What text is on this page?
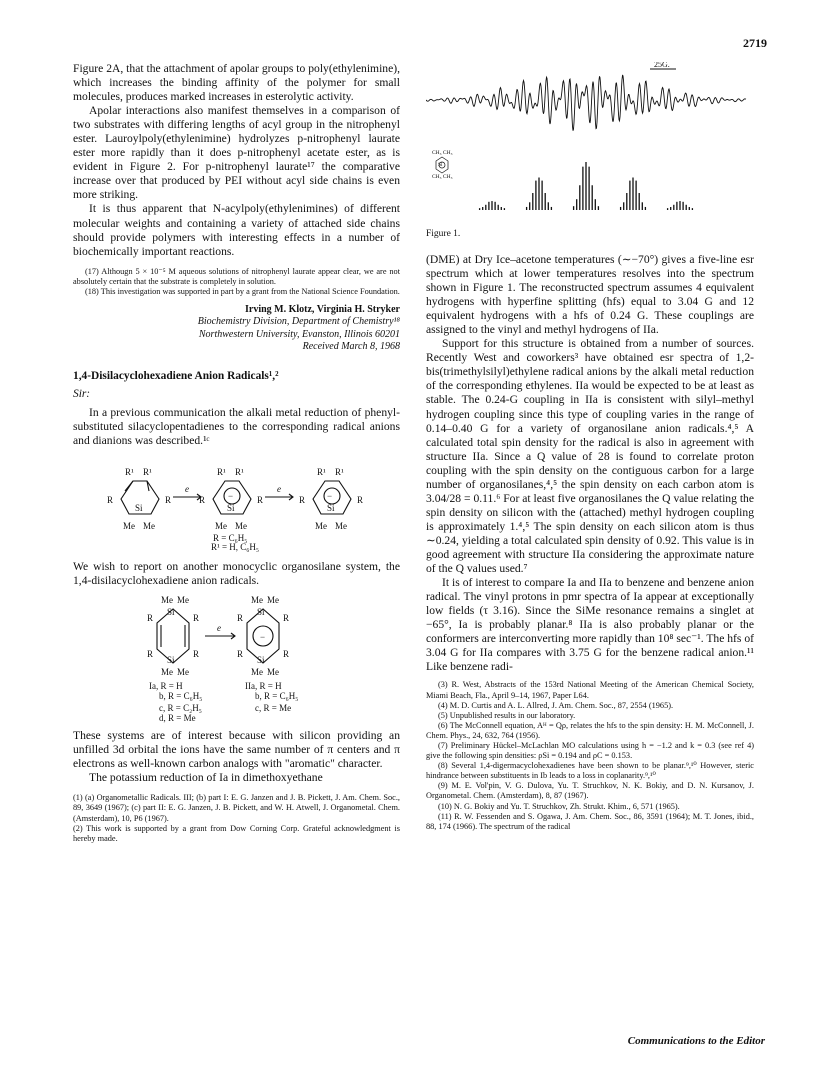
2719

Figure 2A, that the attachment of apolar groups to poly(ethylenimine), which increases the binding affinity of the polymer for small molecules, produces marked increases in esterolytic activity.

Apolar interactions also manifest themselves in a comparison of two substrates with differing lengths of acyl group in the nitrophenyl ester. Lauroylpoly(ethylenimine) hydrolyzes p-nitrophenyl laurate ester more rapidly than it does p-nitrophenyl acetate ester, as is evident in Figure 2. For p-nitrophenyl laurate¹⁷ the comparative increase over that produced by PEI without acyl side chains is even more striking.

It is thus apparent that N-acylpoly(ethylenimines) of different molecular weights and containing a variety of attached side chains should provide polymers with interesting effects in a number of biochemically important reactions.

(17) Althougn 5 × 10⁻⁵ M aqueous solutions of nitrophenyl laurate appear clear, we are not absolutely certain that the substrate is completely in solution.

(18) This investigation was supported in part by a grant from the National Science Foundation.

Irving M. Klotz, Virginia H. Stryker
Biochemistry Division, Department of Chemistry¹⁸
Northwestern University, Evanston, Illinois 60201
Received March 8, 1968
1,4-Disilacyclohexadiene Anion Radicals¹,²
Sir:

In a previous communication the alkali metal reduction of phenyl-substituted silacyclopentadienes to the corresponding radical anions and dianions was described.¹ᶜ

R¹ R¹
R	R
Si
Me Me
e
R¹ R¹
R	R
−
Si
Me Me
e
R¹ R¹
R	R
−
Si
Me Me
R = C₆H₅
R¹ = H, C₆H₅

We wish to report on another monocyclic organosilane system, the 1,4-disilacyclohexadiene anion radicals.

Me Me
Si
Si
Me Me
R	R
R	R
e
Me Me
Si
Si
−
Me Me
R	R
R	R
Ia, R = H
b, R = C₆H₅
IIa, R = H
b, R = C₆H₅
c, R = C₂H₅
d, R = Me
c, R = Me

These systems are of interest because with silicon providing an unfilled 3d orbital the ions have the same number of π centers and π electrons as well-known carbon analogs with "aromatic" character.

The potassium reduction of Ia in dimethoxyethane

(1) (a) Organometallic Radicals. III; (b) part I: E. G. Janzen and J. B. Pickett, J. Am. Chem. Soc., 89, 3649 (1967); (c) part II: E. G. Janzen, J. B. Pickett, and W. H. Atwell, J. Organometal. Chem. (Amsterdam), 10, P6 (1967).

(2) This work is supported by a grant from Dow Corning Corp. Grateful acknowledgment is hereby made.

25G.
CH₃ CH₃
Si
CH₃ CH₃
Figure 1.

(DME) at Dry Ice–acetone temperatures (∼−70°) gives a five-line esr spectrum which at lower temperatures resolves into the spectrum shown in Figure 1. The reconstructed spectrum assumes 4 equivalent hydrogens with hyperfine splitting (hfs) equal to 3.04 G and 12 equivalent hydrogens with a hfs of 0.24 G. These couplings are assigned to the vinyl and methyl hydrogens of IIa.

Support for this structure is obtained from a number of sources. Recently West and coworkers³ have obtained esr spectra of 1,2-bis(trimethylsilyl)ethylene radical anions by the alkali metal reduction of the corresponding ethylenes. IIa would be expected to be at least as stable. The 0.24-G coupling in IIa is consistent with silyl–methyl hydrogen coupling since this type of coupling varies in the range of 0.14–0.40 G for a variety of organosilane anion radicals.⁴,⁵ A calculated total spin density for the radical is also in agreement with structure IIa. Since a Q value of 28 is found to correlate proton coupling with the spin density on the contiguous carbon for a large number of organosilanes,⁴,⁵ the spin density on each carbon atom is 3.04/28 = 0.11.⁶ For at least five organosilanes the Q value relating the spin density on silicon with the (attached) methyl hydrogen coupling is approximately 1.⁴,⁵ The spin density on each silicon atom is thus ∼0.24, yielding a total calculated spin density of 0.92. This value is in good agreement with structure IIa considering the approximate nature of the Q values used.⁷

It is of interest to compare Ia and IIa to benzene and benzene anion radical. The vinyl protons in pmr spectra of Ia appear at exceptionally low fields (τ 3.16). Since the SiMe resonance remains a singlet at −65°, Ia is probably planar.⁸ IIa is also probably planar or the conformers are interconverting more rapidly than 10⁸ sec⁻¹. The hfs of 3.04 G for IIa compares with 3.75 G for the benzene radical anion.¹¹ Like benzene radi-

(3) R. West, Abstracts of the 153rd National Meeting of the American Chemical Society, Miami Beach, Fla., April 9–14, 1967, Paper L64.

(4) M. D. Curtis and A. L. Allred, J. Am. Chem. Soc., 87, 2554 (1965).

(5) Unpublished results in our laboratory.

(6) The McConnell equation, Aᴴ = Qρ, relates the hfs to the spin density: H. M. McConnell, J. Chem. Phys., 24, 632, 764 (1956).

(7) Preliminary Hückel–McLachlan MO calculations using h = −1.2 and k = 0.3 (see ref 4) give the following spin densities: ρSi = 0.194 and ρC = 0.153.

(8) Several 1,4-digermacyclohexadienes have been shown to be planar.⁹,¹⁰ However, steric hindrance between substituents in Ib leads to a loss in coplanarity.⁹,¹⁰

(9) M. E. Vol'pin, V. G. Dulova, Yu. T. Struchkov, N. K. Bokiy, and D. N. Kursanov, J. Organometal. Chem. (Amsterdam), 8, 87 (1967).

(10) N. G. Bokiy and Yu. T. Struchkov, Zh. Strukt. Khim., 6, 571 (1965).

(11) R. W. Fessenden and S. Ogawa, J. Am. Chem. Soc., 86, 3591 (1964); M. T. Jones, ibid., 88, 174 (1966). The spectrum of the radical

Communications to the Editor
